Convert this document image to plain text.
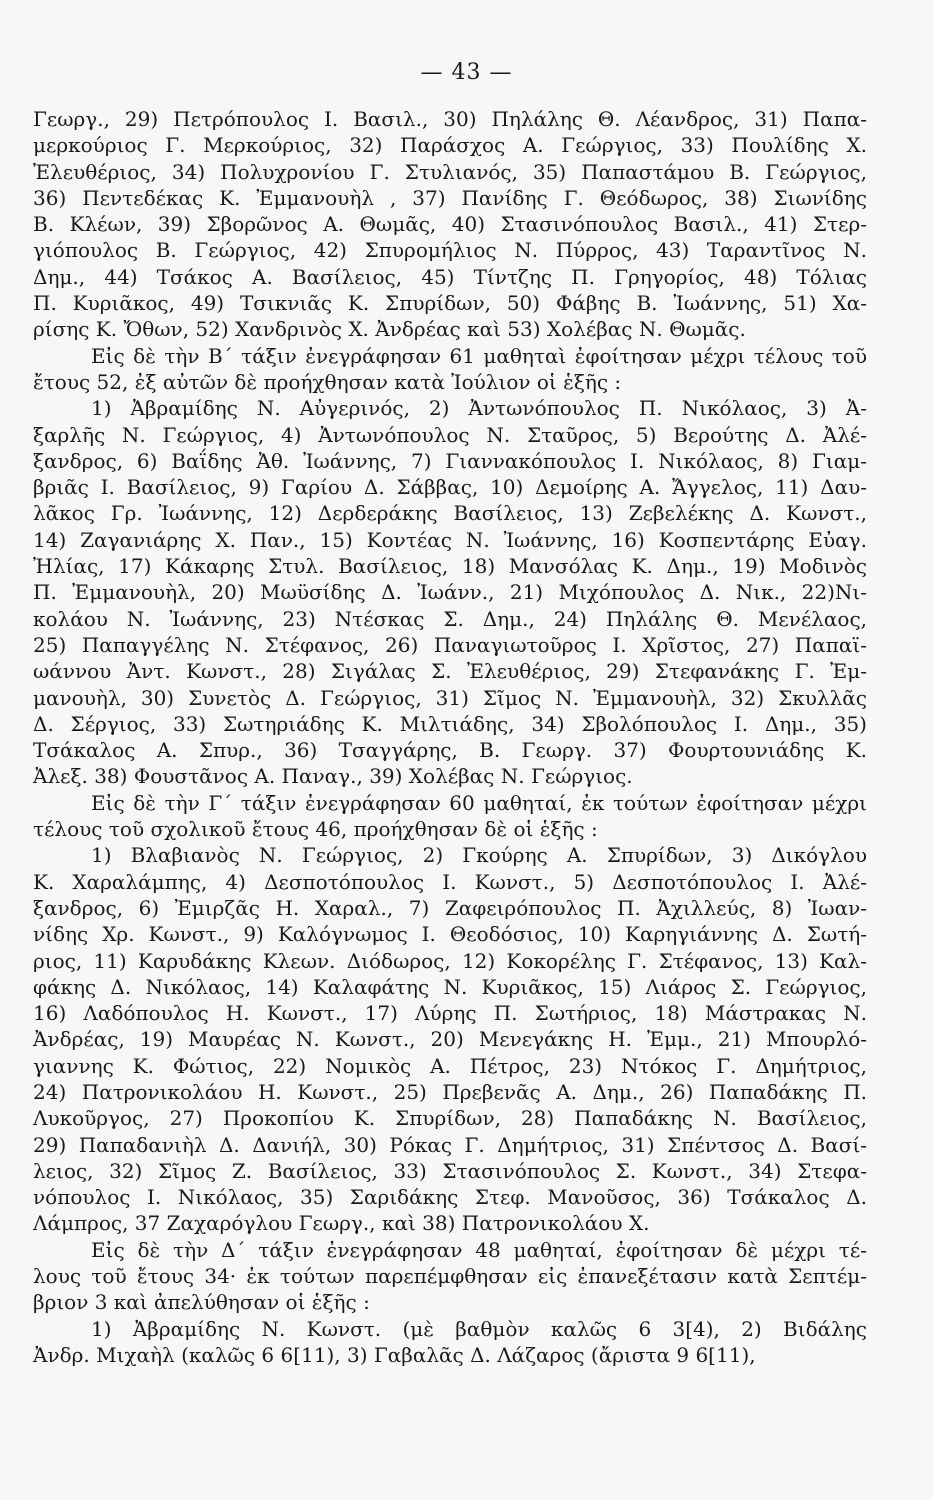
— 43 —
Γεωργ., 29) Πετρόπουλος Ι. Βασιλ., 30) Πηλάλης Θ. Λέανδρος, 31) Παπα-
μερκούριος Γ. Μερκούριος, 32) Παράσχος Α. Γεώργιος, 33) Πουλίδης Χ.
Ἐλευθέριος, 34) Πολυχρονίου Γ. Στυλιανός, 35) Παπαστάμου Β. Γεώργιος,
36) Πεντεδέκας Κ. Ἐμμανουὴλ , 37) Πανίδης Γ. Θεόδωρος, 38) Σιωνίδης
Β. Κλέων, 39) Σβορῶνος Α. Θωμᾶς, 40) Στασινόπουλος Βασιλ., 41) Στερ-
γιόπουλος Β. Γεώργιος, 42) Σπυρομήλιος Ν. Πύρρος, 43) Ταραντῖνος Ν.
Δημ., 44) Τσάκος Α. Βασίλειος, 45) Τίντζης Π. Γρηγορίος, 48) Τόλιας
Π. Κυριᾶκος, 49) Τσικνιᾶς Κ. Σπυρίδων, 50) Φάβης Β. Ἰωάννης, 51) Χα-
ρίσης Κ. Ὄθων, 52) Χανδρινὸς Χ. Ἀνδρέας καὶ 53) Χολέβας Ν. Θωμᾶς.
Εἰς δὲ τὴν Β΄ τάξιν ἐνεγράφησαν 61 μαθηταὶ ἐφοίτησαν μέχρι τέλους τοῦ
ἔτους 52, ἐξ αὐτῶν δὲ προήχθησαν κατὰ Ἰούλιον οἱ ἑξῆς :
1) Ἀβραμίδης Ν. Αὐγερινός, 2) Ἀντωνόπουλος Π. Νικόλαος, 3) Ἀ-
ξαρλῆς Ν. Γεώργιος, 4) Ἀντωνόπουλος Ν. Σταῦρος, 5) Βερούτης Δ. Ἀλέ-
ξανδρος, 6) Βαΐδης Ἀθ. Ἰωάννης, 7) Γιαννακόπουλος Ι. Νικόλαος, 8) Γιαμ-
βριᾶς Ι. Βασίλειος, 9) Γαρίου Δ. Σάββας, 10) Δεμοίρης Α. Ἄγγελος, 11) Δαυ-
λᾶκος Γρ. Ἰωάννης, 12) Δερδεράκης Βασίλειος, 13) Ζεβελέκης Δ. Κωνστ.,
14) Ζαγανιάρης Χ. Παν., 15) Κοντέας Ν. Ἰωάννης, 16) Κοσπεντάρης Εὐαγ.
Ἠλίας, 17) Κάκαρης Στυλ. Βασίλειος, 18) Μανσόλας Κ. Δημ., 19) Μοδινὸς
Π. Ἐμμανουὴλ, 20) Μωϋσίδης Δ. Ἰωάνν., 21) Μιχόπουλος Δ. Νικ., 22)Νι-
κολάου Ν. Ἰωάννης, 23) Ντέσκας Σ. Δημ., 24) Πηλάλης Θ. Μενέλαος,
25) Παπαγγέλης Ν. Στέφανος, 26) Παναγιωτοῦρος Ι. Χρῖστος, 27) Παπαϊ-
ωάννου Ἀντ. Κωνστ., 28) Σιγάλας Σ. Ἐλευθέριος, 29) Στεφανάκης Γ. Ἐμ-
μανουὴλ, 30) Συνετὸς Δ. Γεώργιος, 31) Σῖμος Ν. Ἐμμανουὴλ, 32) Σκυλλᾶς
Δ. Σέργιος, 33) Σωτηριάδης Κ. Μιλτιάδης, 34) Σβολόπουλος Ι. Δημ., 35)
Τσάκαλος Α. Σπυρ., 36) Τσαγγάρης, Β. Γεωργ. 37) Φουρτουνιάδης Κ.
Ἀλεξ. 38) Φουστᾶνος Α. Παναγ., 39) Χολέβας Ν. Γεώργιος.
Εἰς δὲ τὴν Γ΄ τάξιν ἐνεγράφησαν 60 μαθηταί, ἐκ τούτων ἐφοίτησαν μέχρι
τέλους τοῦ σχολικοῦ ἔτους 46, προήχθησαν δὲ οἱ ἑξῆς :
1) Βλαβιανὸς Ν. Γεώργιος, 2) Γκούρης Α. Σπυρίδων, 3) Δικόγλου
Κ. Χαραλάμπης, 4) Δεσποτόπουλος Ι. Κωνστ., 5) Δεσποτόπουλος Ι. Ἀλέ-
ξανδρος, 6) Ἐμιρζᾶς Η. Χαραλ., 7) Ζαφειρόπουλος Π. Ἀχιλλεύς, 8) Ἰωαν-
νίδης Χρ. Κωνστ., 9) Καλόγνωμος Ι. Θεοδόσιος, 10) Καρηγιάννης Δ. Σωτή-
ριος, 11) Καρυδάκης Κλεων. Διόδωρος, 12) Κοκορέλης Γ. Στέφανος, 13) Καλ-
φάκης Δ. Νικόλαος, 14) Καλαφάτης Ν. Κυριᾶκος, 15) Λιάρος Σ. Γεώργιος,
16) Λαδόπουλος Η. Κωνστ., 17) Λύρης Π. Σωτήριος, 18) Μάστρακας Ν.
Ἀνδρέας, 19) Μαυρέας Ν. Κωνστ., 20) Μενεγάκης Η. Ἐμμ., 21) Μπουρλό-
γιαννης Κ. Φώτιος, 22) Νομικὸς Α. Πέτρος, 23) Ντόκος Γ. Δημήτριος,
24) Πατρονικολάου Η. Κωνστ., 25) Πρεβενᾶς Α. Δημ., 26) Παπαδάκης Π.
Λυκοῦργος, 27) Προκοπίου Κ. Σπυρίδων, 28) Παπαδάκης Ν. Βασίλειος,
29) Παπαδανιὴλ Δ. Δανιήλ, 30) Ρόκας Γ. Δημήτριος, 31) Σπέντσος Δ. Βασί-
λειος, 32) Σῖμος Ζ. Βασίλειος, 33) Στασινόπουλος Σ. Κωνστ., 34) Στεφα-
νόπουλος Ι. Νικόλαος, 35) Σαριδάκης Στεφ. Μανοῦσος, 36) Τσάκαλος Δ.
Λάμπρος, 37 Ζαχαρόγλου Γεωργ., καὶ 38) Πατρονικολάου Χ.
Εἰς δὲ τὴν Δ΄ τάξιν ἐνεγράφησαν 48 μαθηταί, ἐφοίτησαν δὲ μέχρι τέ-
λους τοῦ ἔτους 34· ἐκ τούτων παρεπέμφθησαν εἰς ἐπανεξέτασιν κατὰ Σεπτέμ-
βριον 3 καὶ ἀπελύθησαν οἱ ἑξῆς :
1) Ἀβραμίδης Ν. Κωνστ. (μὲ βαθμὸν καλῶς 6 3[4), 2) Βιδάλης
Ἀνδρ. Μιχαὴλ (καλῶς 6 6[11), 3) Γαβαλᾶς Δ. Λάζαρος (ἄριστα 9 6[11),
